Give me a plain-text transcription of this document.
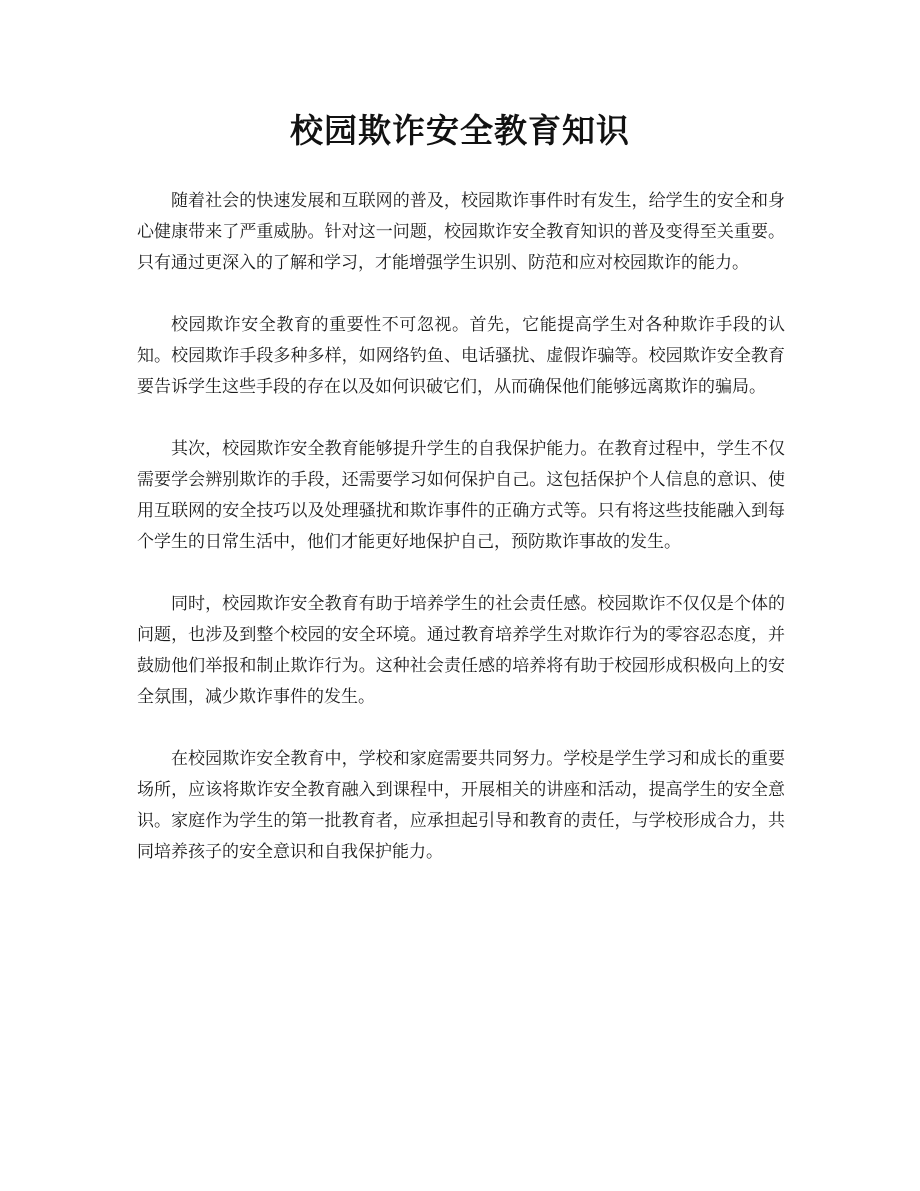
校园欺诈安全教育知识

随着社会的快速发展和互联网的普及，校园欺诈事件时有发生，给学生的安全和身心健康带来了严重威胁。针对这一问题，校园欺诈安全教育知识的普及变得至关重要。只有通过更深入的了解和学习，才能增强学生识别、防范和应对校园欺诈的能力。

校园欺诈安全教育的重要性不可忽视。首先，它能提高学生对各种欺诈手段的认知。校园欺诈手段多种多样，如网络钓鱼、电话骚扰、虚假诈骗等。校园欺诈安全教育要告诉学生这些手段的存在以及如何识破它们，从而确保他们能够远离欺诈的骗局。

其次，校园欺诈安全教育能够提升学生的自我保护能力。在教育过程中，学生不仅需要学会辨别欺诈的手段，还需要学习如何保护自己。这包括保护个人信息的意识、使用互联网的安全技巧以及处理骚扰和欺诈事件的正确方式等。只有将这些技能融入到每个学生的日常生活中，他们才能更好地保护自己，预防欺诈事故的发生。

同时，校园欺诈安全教育有助于培养学生的社会责任感。校园欺诈不仅仅是个体的问题，也涉及到整个校园的安全环境。通过教育培养学生对欺诈行为的零容忍态度，并鼓励他们举报和制止欺诈行为。这种社会责任感的培养将有助于校园形成积极向上的安全氛围，减少欺诈事件的发生。

在校园欺诈安全教育中，学校和家庭需要共同努力。学校是学生学习和成长的重要场所，应该将欺诈安全教育融入到课程中，开展相关的讲座和活动，提高学生的安全意识。家庭作为学生的第一批教育者，应承担起引导和教育的责任，与学校形成合力，共同培养孩子的安全意识和自我保护能力。
